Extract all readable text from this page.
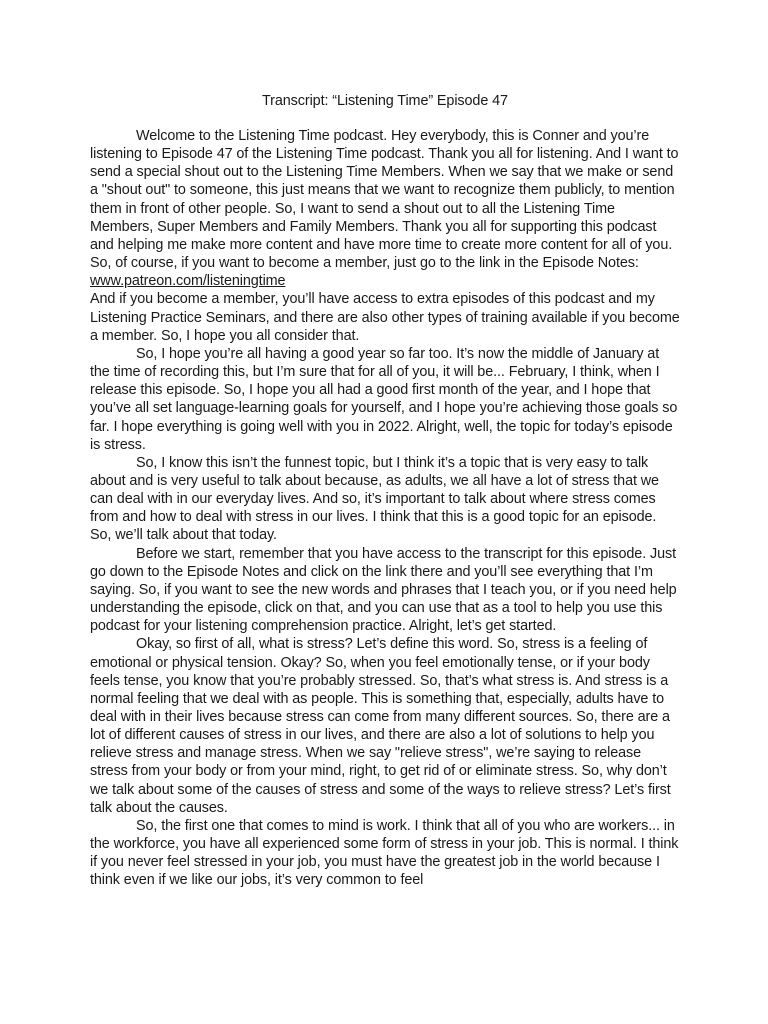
Transcript: “Listening Time” Episode 47

Welcome to the Listening Time podcast. Hey everybody, this is Conner and you’re listening to Episode 47 of the Listening Time podcast. Thank you all for listening. And I want to send a special shout out to the Listening Time Members. When we say that we make or send a "shout out" to someone, this just means that we want to recognize them publicly, to mention them in front of other people. So, I want to send a shout out to all the Listening Time Members, Super Members and Family Members. Thank you all for supporting this podcast and helping me make more content and have more time to create more content for all of you. So, of course, if you want to become a member, just go to the link in the Episode Notes: www.patreon.com/listeningtime
And if you become a member, you’ll have access to extra episodes of this podcast and my Listening Practice Seminars, and there are also other types of training available if you become a member. So, I hope you all consider that.

So, I hope you’re all having a good year so far too. It’s now the middle of January at the time of recording this, but I’m sure that for all of you, it will be... February, I think, when I release this episode. So, I hope you all had a good first month of the year, and I hope that you’ve all set language-learning goals for yourself, and I hope you’re achieving those goals so far. I hope everything is going well with you in 2022. Alright, well, the topic for today’s episode is stress.

So, I know this isn’t the funnest topic, but I think it’s a topic that is very easy to talk about and is very useful to talk about because, as adults, we all have a lot of stress that we can deal with in our everyday lives. And so, it’s important to talk about where stress comes from and how to deal with stress in our lives. I think that this is a good topic for an episode. So, we’ll talk about that today.

Before we start, remember that you have access to the transcript for this episode. Just go down to the Episode Notes and click on the link there and you’ll see everything that I’m saying. So, if you want to see the new words and phrases that I teach you, or if you need help understanding the episode, click on that, and you can use that as a tool to help you use this podcast for your listening comprehension practice. Alright, let’s get started.

Okay, so first of all, what is stress? Let’s define this word. So, stress is a feeling of emotional or physical tension. Okay? So, when you feel emotionally tense, or if your body feels tense, you know that you’re probably stressed. So, that’s what stress is. And stress is a normal feeling that we deal with as people. This is something that, especially, adults have to deal with in their lives because stress can come from many different sources. So, there are a lot of different causes of stress in our lives, and there are also a lot of solutions to help you relieve stress and manage stress. When we say "relieve stress", we’re saying to release stress from your body or from your mind, right, to get rid of or eliminate stress. So, why don’t we talk about some of the causes of stress and some of the ways to relieve stress? Let’s first talk about the causes.

So, the first one that comes to mind is work. I think that all of you who are workers... in the workforce, you have all experienced some form of stress in your job. This is normal. I think if you never feel stressed in your job, you must have the greatest job in the world because I think even if we like our jobs, it’s very common to feel
